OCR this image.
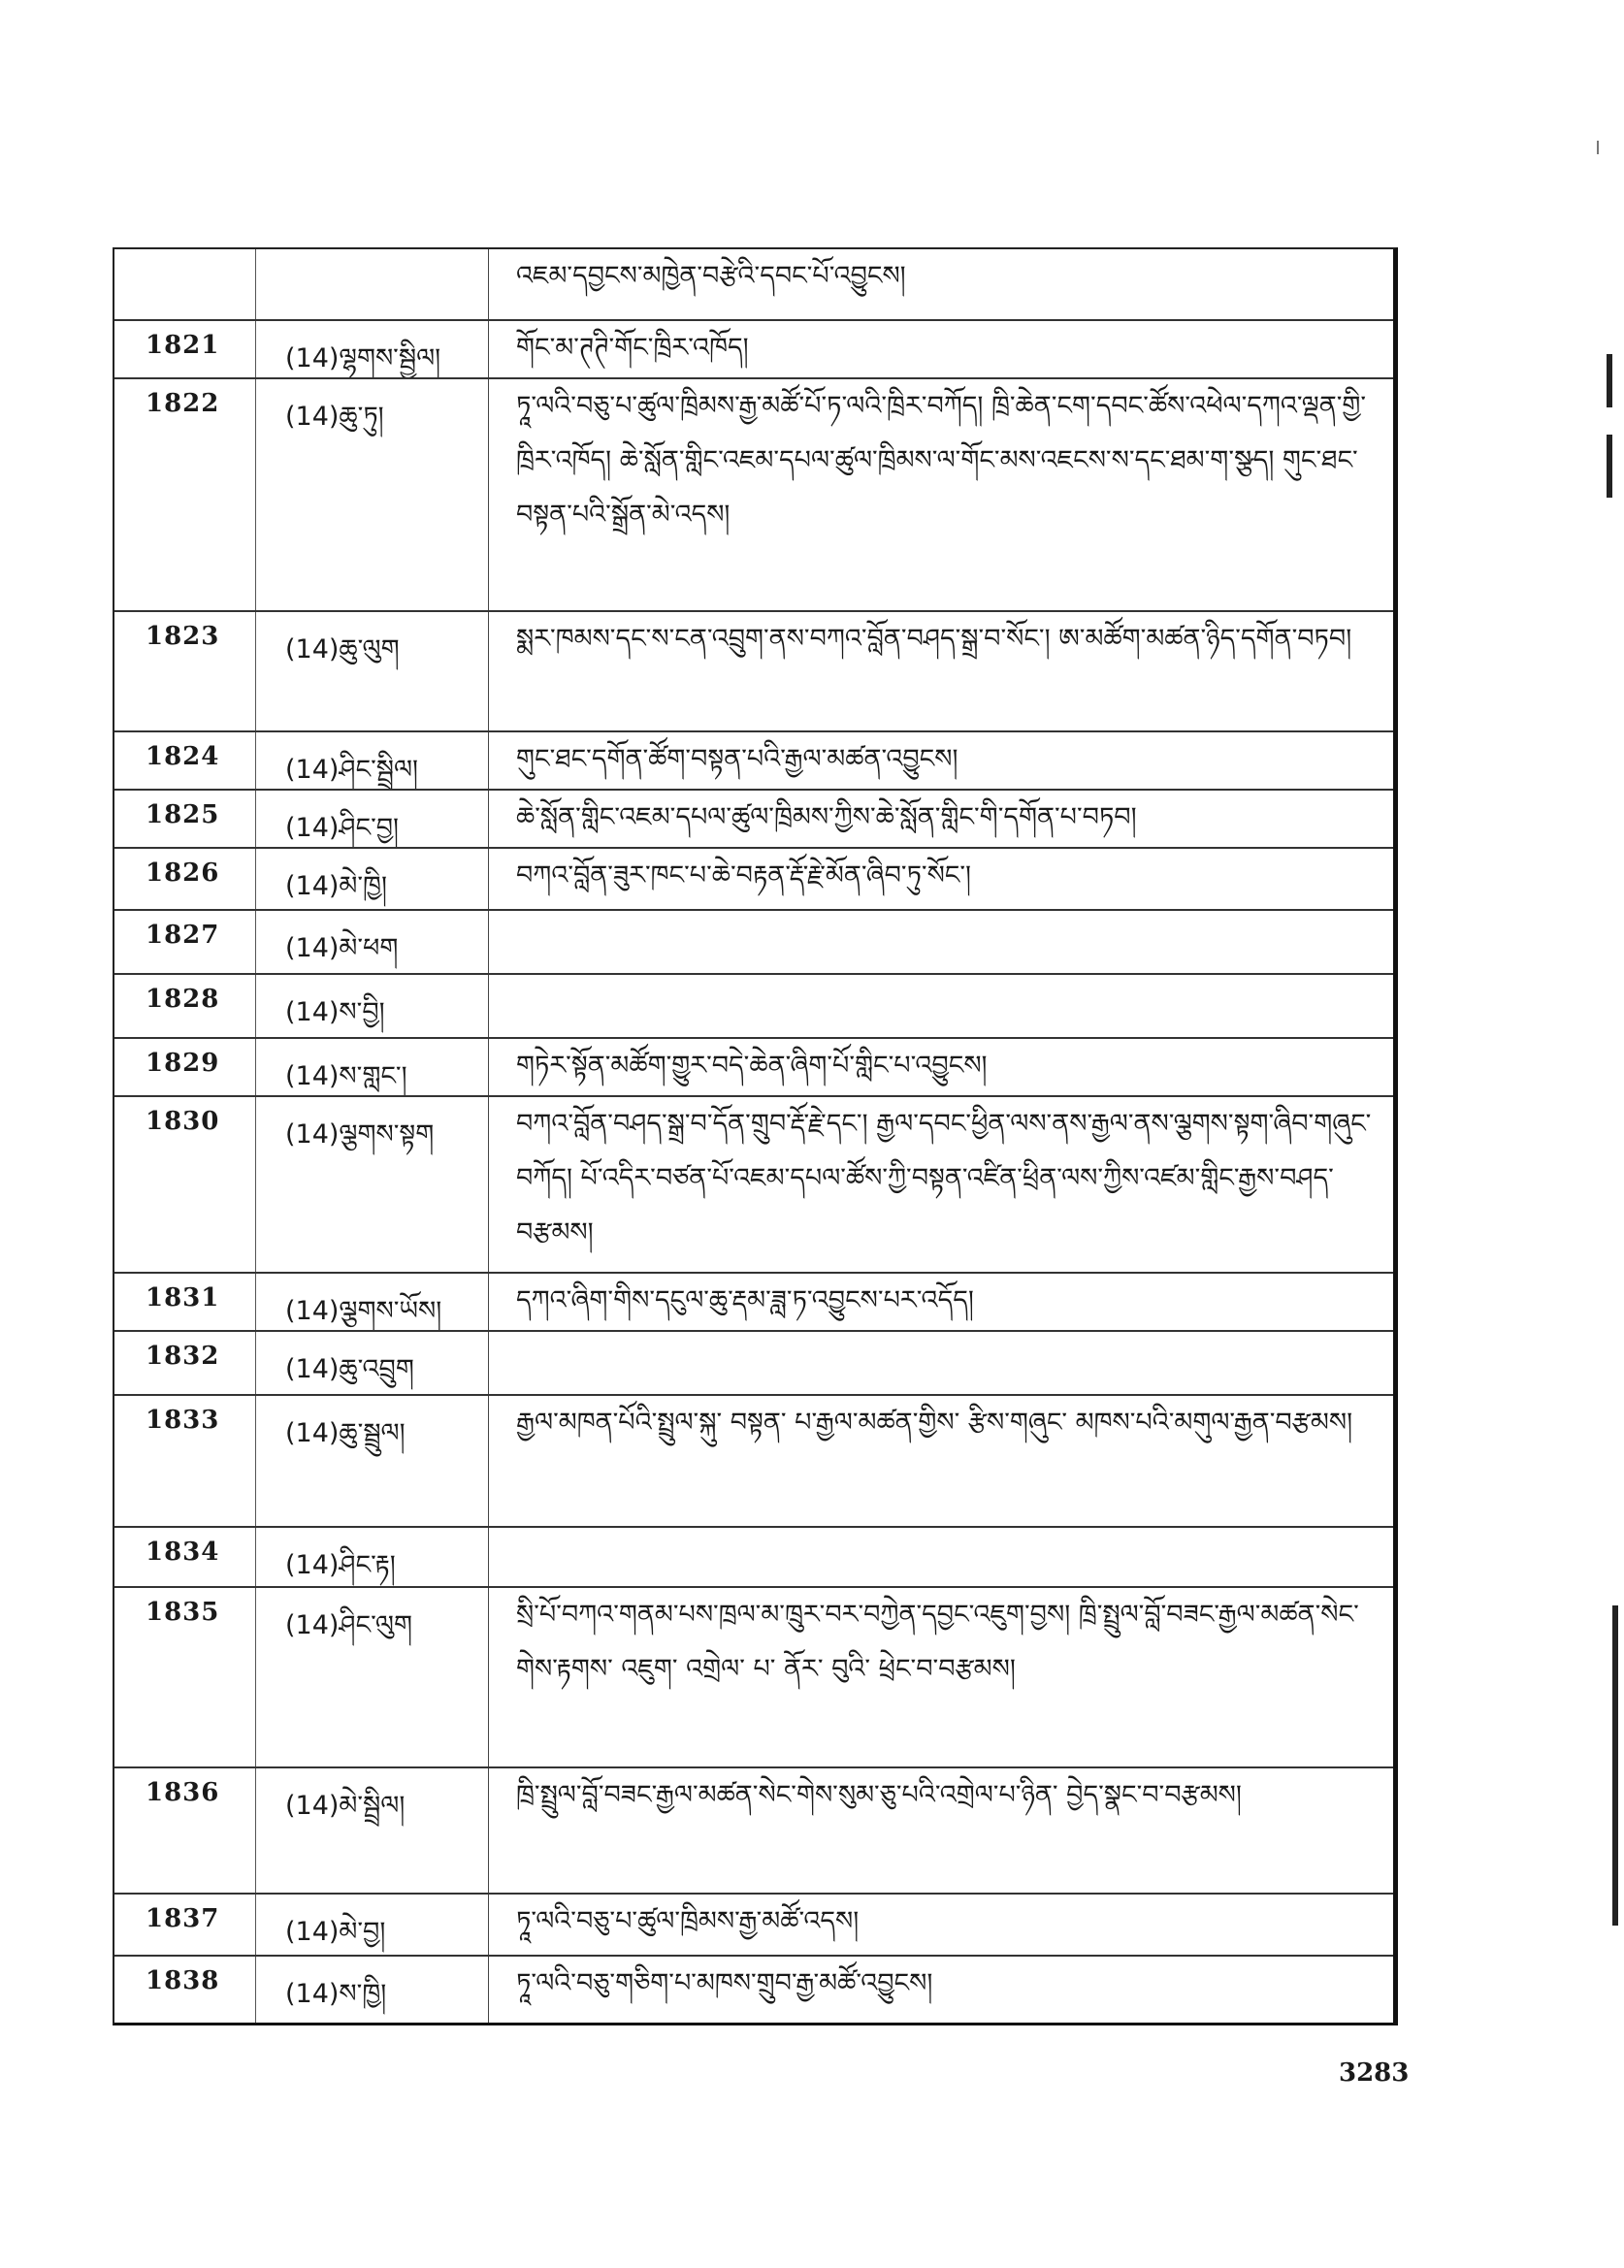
འཇམ་དབྱངས་མཁྱེན་བརྩེའི་དབང་པོ་འབྱུངས།
1821	(14)ལྷགས་སྦྱིལ།	གོང་མ་ཊཊི་གོང་ཁྲིར་འཁོད།
1822	(14)ཆུ་ཏུ།	ཏཱ་ལའི་བཅུ་པ་ཚུལ་ཁྲིམས་རྒྱ་མཚོ་པོ་ཏ་ལའི་ཁྲིར་བཀོད། ཁྲི་ཆེན་ངག་དབང་ཚོས་འཕེལ་དཀའ་ལྡན་གྱི་ཁྲིར་འཁོད། ཆེ་སློན་གླིང་འཇམ་དཔལ་ཚུལ་ཁྲིམས་ལ་གོང་མས་འཇངས་ས་དང་ཐམ་ག་སྩད། གུང་ཐང་བསྟན་པའི་སྒྲོན་མེ་འདས།
1823	(14)ཆུ་ལུག	སྨར་ཁམས་དང་ས་ངན་འབྲུག་ནས་བཀའ་བློན་བཤད་སྒྲ་བ་སོང་། ཨ་མཚོག་མཚན་ཉིད་དགོན་བཏབ།
1824	(14)ཤིང་སྦྲིལ།	གུང་ཐང་དགོན་ཚོག་བསྟན་པའི་རྒྱལ་མཚན་འབྱུངས།
1825	(14)ཤིང་བྱ།	ཆེ་སློན་གླིང་འཇམ་དཔལ་ཚུལ་ཁྲིམས་ཀྱིས་ཆེ་སློན་གླིང་གི་དགོན་པ་བཏབ།
1826	(14)མེ་ཁྱི།	བཀའ་བློན་ཟུར་ཁང་པ་ཆེ་བརྟན་རྡོ་རྗེ་མོན་ཞིབ་ཏུ་སོང་།
1827	(14)མེ་ཕག
1828	(14)ས་བྱི།
1829	(14)ས་གླང་།	གཏེར་སྟོན་མཚོག་གྱུར་བདེ་ཆེན་ཞིག་པོ་གླིང་པ་འབྱུངས།
1830	(14)ལྕགས་སྟག	བཀའ་བློན་བཤད་སྒྲ་བ་དོན་གྲུབ་རྡོ་རྗེ་དང་། རྒྱལ་དབང་ཕྱིན་ལས་ནས་རྒྱལ་ནས་ལྕགས་སྟག་ཞིབ་གཞུང་བཀོད། པོ་འདིར་བཙན་པོ་འཇམ་དཔལ་ཚོས་ཀྱི་བསྟན་འཛིན་ཕྲིན་ལས་ཀྱིས་འཛམ་གླིང་རྒྱས་བཤད་བརྩམས།
1831	(14)ལྕགས་ཡོས།	དཀའ་ཞིག་གིས་དངུལ་ཆུ་རྡམ་ཟླ་ཏ་འབྱུངས་པར་འདོད།
1832	(14)ཆུ་འབྲུག
1833	(14)ཆུ་སྦྲུལ།	རྒྱལ་མཁན་པོའི་སྤྲུལ་སྐུ་ བསྟན་ པ་རྒྱལ་མཚན་གྱིས་ རྩིས་གཞུང་ མཁས་པའི་མགུལ་རྒྱན་བརྩམས།
1834	(14)ཤིང་རྟ།
1835	(14)ཤིང་ལུག	སྲི་པོ་བཀའ་གནམ་པས་ཁྲལ་མ་ཁྲུར་བར་བཀྱེན་དབྱང་འཇུག་བྱས། ཁྲི་སྤྲུལ་བློ་བཟང་རྒྱལ་མཚན་སེང་གེས་རྟགས་ འཇུག་ འགྲེལ་ པ་ ནོར་ བུའི་ ཕྲེང་བ་བརྩམས།
1836	(14)མེ་སྦྲིལ།	ཁྲི་སྤྲུལ་བློ་བཟང་རྒྱལ་མཚན་སེང་གེས་སུམ་ཅུ་པའི་འགྲེལ་པ་ཉིན་ བྱེད་སྣང་བ་བརྩམས།
1837	(14)མེ་བྱ།	ཏཱ་ལའི་བཅུ་པ་ཚུལ་ཁྲིམས་རྒྱ་མཚོ་འདས།
1838	(14)ས་ཁྱི།	ཏཱ་ལའི་བཅུ་གཅིག་པ་མཁས་གྲུབ་རྒྱ་མཚོ་འབྱུངས།
3283
